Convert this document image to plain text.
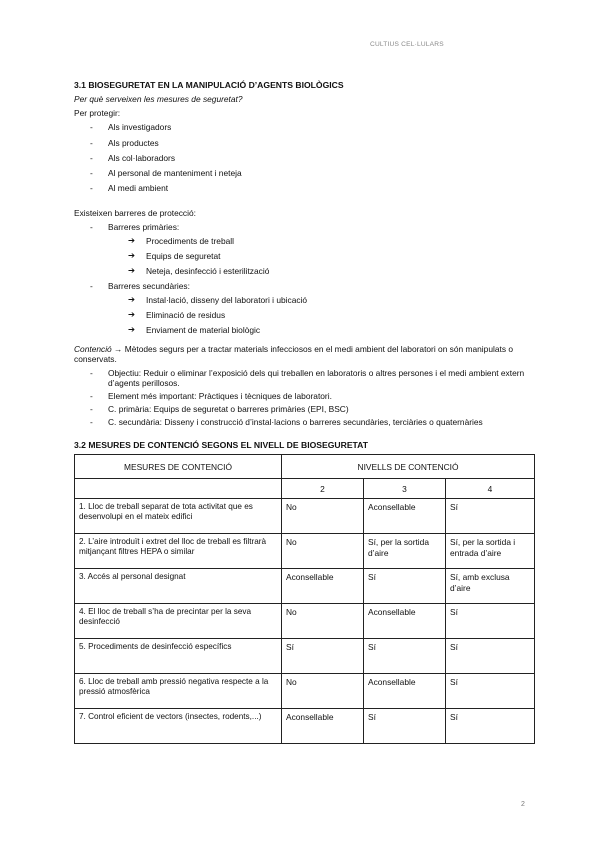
CULTIUS CEL·LULARS
3.1 BIOSEGURETAT EN LA MANIPULACIÓ D’AGENTS BIOLÒGICS
Per què serveixen les mesures de seguretat?

Per protegir:

- Als investigadors
- Als productes
- Als col·laboradors
- Al personal de manteniment i neteja
- Al medi ambient

Existeixen barreres de protecció:

- Barreres primàries:
➔ Procediments de treball
➔ Equips de seguretat
➔ Neteja, desinfecció i esterilització
- Barreres secundàries:
➔ Instal·lació, disseny del laboratori i ubicació
➔ Eliminació de residus
➔ Enviament de material biològic

Contenció → Mètodes segurs per a tractar materials infecciosos en el medi ambient del laboratori on són manipulats o conservats.

- Objectiu: Reduir o eliminar l’exposició dels qui treballen en laboratoris o altres persones i el medi ambient extern d’agents perillosos.
- Element més important: Pràctiques i tècniques de laboratori.
- C. primària: Equips de seguretat o barreres primàries (EPI, BSC)
- C. secundària: Disseny i construcció d’instal·lacions o barreres secundàries, terciàries o quaternàries
3.2 MESURES DE CONTENCIÓ SEGONS EL NIVELL DE BIOSEGURETAT
MESURES DE CONTENCIÓ	NIVELLS DE CONTENCIÓ		
	2	3	4
1. Lloc de treball separat de tota activitat que es desenvolupi en el mateix edifici	No	Aconsellable	Sí
2. L’aire introduït i extret del lloc de treball es filtrarà mitjançant filtres HEPA o similar	No	Sí, per la sortida d’aire	Sí, per la sortida i entrada d’aire
3. Accés al personal designat	Aconsellable	Sí	Sí, amb exclusa d’aire
4. El lloc de treball s’ha de precintar per la seva desinfecció	No	Aconsellable	Sí
5. Procediments de desinfecció específics	Sí	Sí	Sí
6. Lloc de treball amb pressió negativa respecte a la pressió atmosfèrica	No	Aconsellable	Sí
7. Control eficient de vectors (insectes, rodents,...)	Aconsellable	Sí	Sí
2
